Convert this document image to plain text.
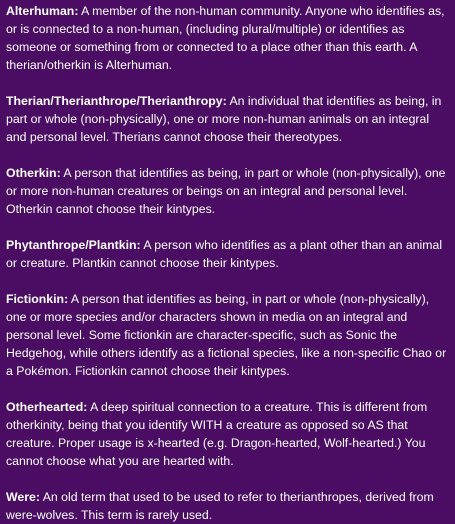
Alterhuman: A member of the non-human community. Anyone who identifies as, or is connected to a non-human, (including plural/multiple) or identifies as someone or something from or connected to a place other than this earth. A therian/otherkin is Alterhuman.

Therian/Therianthrope/Therianthropy: An individual that identifies as being, in part or whole (non-physically), one or more non-human animals on an integral and personal level. Therians cannot choose their thereotypes.

Otherkin: A person that identifies as being, in part or whole (non-physically), one or more non-human creatures or beings on an integral and personal level. Otherkin cannot choose their kintypes.

Phytanthrope/Plantkin: A person who identifies as a plant other than an animal or creature. Plantkin cannot choose their kintypes.

Fictionkin: A person that identifies as being, in part or whole (non-physically), one or more species and/or characters shown in media on an integral and personal level. Some fictionkin are character-specific, such as Sonic the Hedgehog, while others identify as a fictional species, like a non-specific Chao or a Pokémon. Fictionkin cannot choose their kintypes.

Otherhearted: A deep spiritual connection to a creature. This is different from otherkinity, being that you identify WITH a creature as opposed so AS that creature. Proper usage is x-hearted (e.g. Dragon-hearted, Wolf-hearted.) You cannot choose what you are hearted with.

Were: An old term that used to be used to refer to therianthropes, derived from were-wolves. This term is rarely used.
